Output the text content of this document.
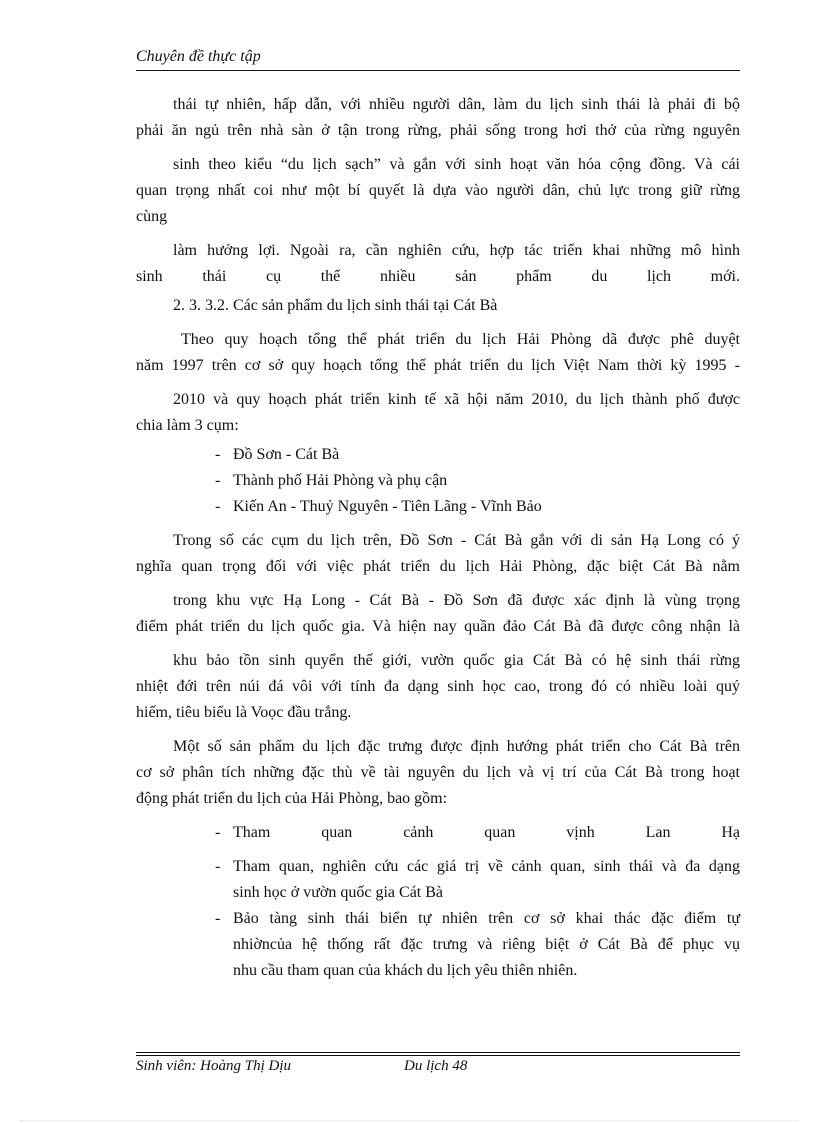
Chuyên đề thực tập

thái tự nhiên, hấp dẫn, với nhiều người dân, làm du lịch sinh thái là phải đi bộ

phải ăn ngủ trên nhà sàn ở tận trong rừng, phải sống trong hơi thở của rừng nguyên

sinh theo kiểu “du lịch sạch” và gắn với sinh hoạt văn hóa cộng đồng. Và cái

quan trọng nhất coi như một bí quyết là dựa vào người dân, chủ lực trong giữ rừng

cùng

làm hưởng lợi. Ngoài ra, cần nghiên cứu, hợp tác triển khai những mô hình

sinh thái cụ thể nhiều sản phẩm du lịch mới.

2. 3. 3.2. Các sản phẩm du lịch sinh thái tại Cát Bà

Theo quy hoạch tổng thể phát triển du lịch Hải Phòng dã được phê duyệt

năm 1997 trên cơ sở quy hoạch tổng thể phát triển du lịch Việt Nam thời kỳ 1995 -

2010 và quy hoạch phát triển kinh tế xã hội năm 2010, du lịch thành phố được

chia làm 3 cụm:

- Đồ Sơn - Cát Bà
- Thành phố Hải Phòng và phụ cận
- Kiến An - Thuỷ Nguyên - Tiên Lãng - Vĩnh Bảo

Trong số các cụm du lịch trên, Đồ Sơn - Cát Bà gắn với di sản Hạ Long có ý

nghĩa quan trọng đối với việc phát triển du lịch Hải Phòng, đặc biệt Cát Bà nằm

trong khu vực Hạ Long - Cát Bà - Đồ Sơn đã được xác định là vùng trọng

điểm phát triển du lịch quốc gia. Và hiện nay quần đảo Cát Bà đã được công nhận là

khu bảo tồn sinh quyển thế giới, vườn quốc gia Cát Bà có hệ sinh thái rừng

nhiệt đới trên núi đá vôi với tính đa dạng sinh học cao, trong đó có nhiều loài quý

hiếm, tiêu biểu là Voọc đầu trắng.

Một số sản phẩm du lịch đặc trưng được định hướng phát triển cho Cát Bà trên

cơ sở phân tích những đặc thù về tài nguyên du lịch và vị trí của Cát Bà trong hoạt

động phát triển du lịch của Hải Phòng, bao gồm:

- Tham quan cảnh quan vịnh Lan Hạ
- Tham quan, nghiên cứu các giá trị về cảnh quan, sinh thái và đa dạng
sinh học ở vườn quốc gia Cát Bà
- Bảo tàng sinh thái biển tự nhiên trên cơ sở khai thác đặc điểm tự
nhiờncủa hệ thống rất đặc trưng và riêng biệt ở Cát Bà để phục vụ
nhu cầu tham quan của khách du lịch yêu thiên nhiên.
Sinh viên: Hoàng Thị Dịu	Du lịch 48
